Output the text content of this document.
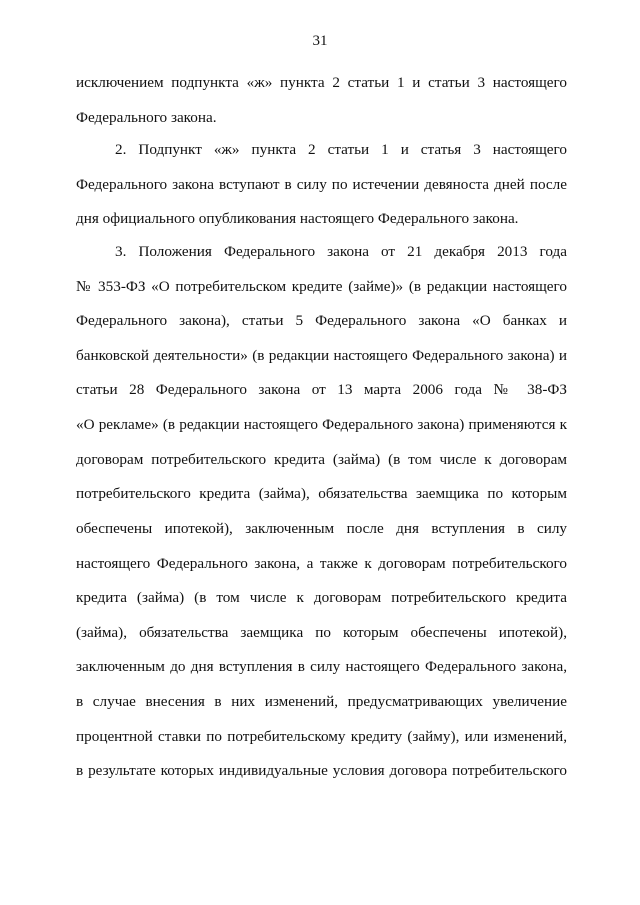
31
исключением подпункта «ж» пункта 2 статьи 1 и статьи 3 настоящего
Федерального закона.
2. Подпункт «ж» пункта 2 статьи 1 и статья 3 настоящего
Федерального закона вступают в силу по истечении девяноста дней после
дня официального опубликования настоящего Федерального закона.
3. Положения Федерального закона от 21 декабря 2013 года
№ 353-ФЗ «О потребительском кредите (займе)» (в редакции настоящего
Федерального закона), статьи 5 Федерального закона «О банках и
банковской деятельности» (в редакции настоящего Федерального закона) и
статьи 28 Федерального закона от 13 марта 2006 года № 38-ФЗ
«О рекламе» (в редакции настоящего Федерального закона) применяются к
договорам потребительского кредита (займа) (в том числе к договорам
потребительского кредита (займа), обязательства заемщика по которым
обеспечены ипотекой), заключенным после дня вступления в силу
настоящего Федерального закона, а также к договорам потребительского
кредита (займа) (в том числе к договорам потребительского кредита
(займа), обязательства заемщика по которым обеспечены ипотекой),
заключенным до дня вступления в силу настоящего Федерального закона,
в случае внесения в них изменений, предусматривающих увеличение
процентной ставки по потребительскому кредиту (займу), или изменений,
в результате которых индивидуальные условия договора потребительского
